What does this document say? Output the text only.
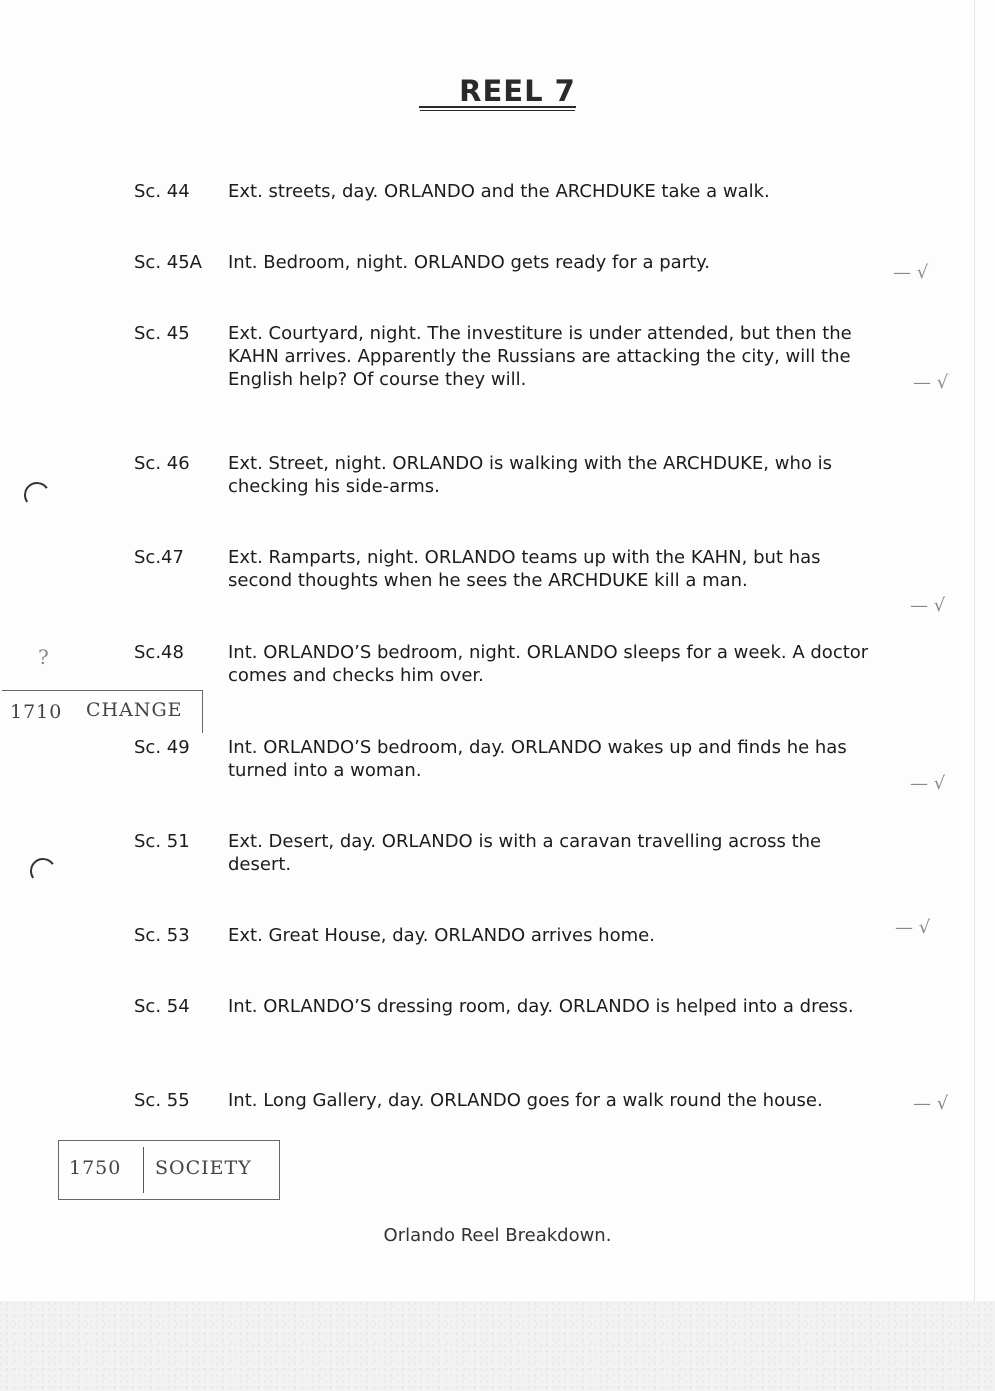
REEL 7
Sc. 44	Ext. streets, day. ORLANDO and the ARCHDUKE take a walk.
Sc. 45A	Int. Bedroom, night. ORLANDO gets ready for a party.
Sc. 45	Ext. Courtyard, night. The investiture is under attended, but then the KAHN arrives. Apparently the Russians are attacking the city, will the English help? Of course they will.
Sc. 46	Ext. Street, night. ORLANDO is walking with the ARCHDUKE, who is checking his side-arms.
Sc.47	Ext. Ramparts, night. ORLANDO teams up with the KAHN, but has second thoughts when he sees the ARCHDUKE kill a man.
Sc.48	Int. ORLANDO’S bedroom, night. ORLANDO sleeps for a week. A doctor comes and checks him over.
Sc. 49	Int. ORLANDO’S bedroom, day. ORLANDO wakes up and finds he has turned into a woman.
Sc. 51	Ext. Desert, day. ORLANDO is with a caravan travelling across the desert.
Sc. 53	Ext. Great House, day. ORLANDO arrives home.
Sc. 54	Int. ORLANDO’S dressing room, day. ORLANDO is helped into a dress.
Sc. 55	Int. Long Gallery, day. ORLANDO goes for a walk round the house.
— √
— √
— √
— √
— √
— √
?
1710 CHANGE
1750 SOCIETY
Orlando Reel Breakdown.
